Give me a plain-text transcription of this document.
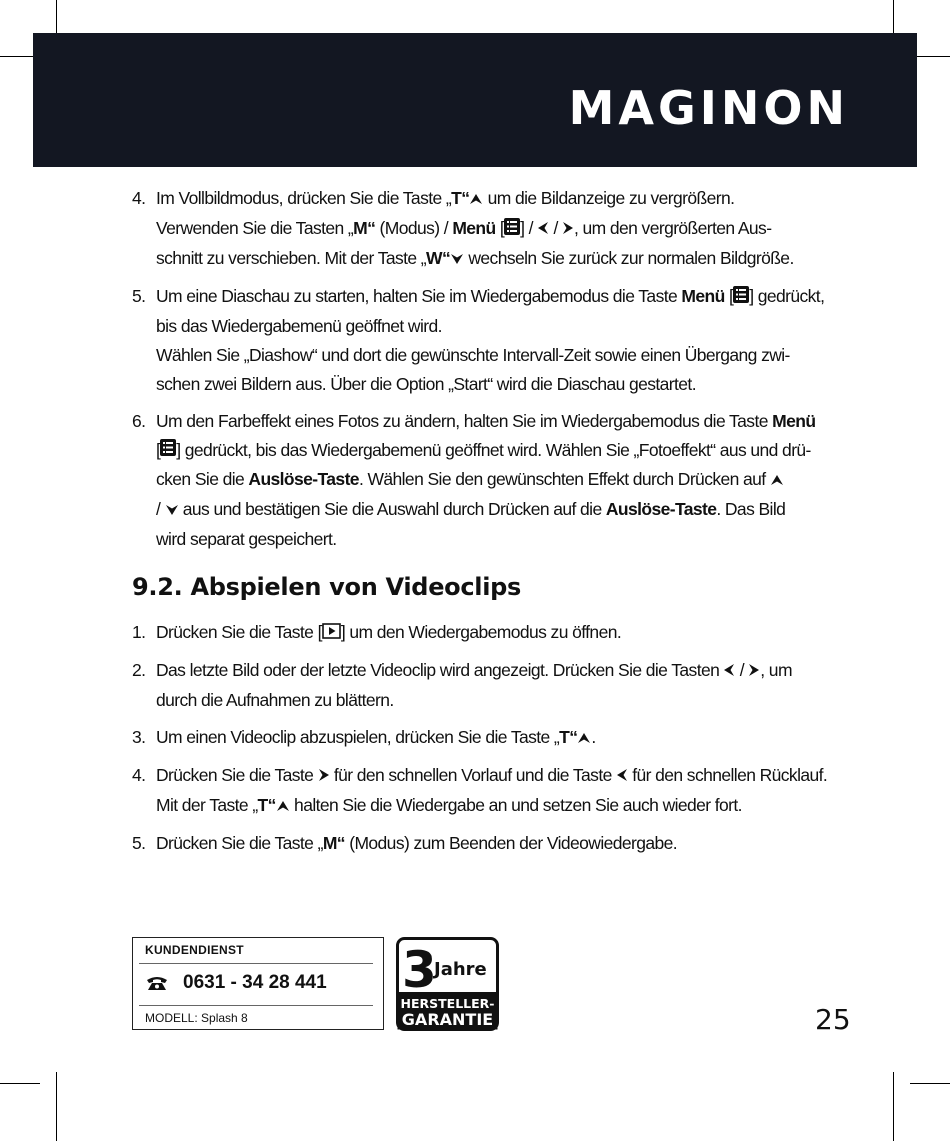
MAGINON
4. Im Vollbildmodus, drücken Sie die Taste „T“ um die Bildanzeige zu vergrößern.
Verwenden Sie die Tasten „M“ (Modus) / Menü [ ] /  / , um den vergrößerten Aus-
schnitt zu verschieben. Mit der Taste „W“ wechseln Sie zurück zur normalen Bildgröße.
5. Um eine Diaschau zu starten, halten Sie im Wiedergabemodus die Taste Menü [ ] gedrückt,
bis das Wiedergabemenü geöffnet wird.
Wählen Sie „Diashow“ und dort die gewünschte Intervall-Zeit sowie einen Übergang zwi-
schen zwei Bildern aus. Über die Option „Start“ wird die Diaschau gestartet.
6. Um den Farbeffekt eines Fotos zu ändern, halten Sie im Wiedergabemodus die Taste Menü
[ ] gedrückt, bis das Wiedergabemenü geöffnet wird. Wählen Sie „Fotoeffekt“ aus und drü-
cken Sie die Auslöse-Taste. Wählen Sie den gewünschten Effekt durch Drücken auf
/  aus und bestätigen Sie die Auswahl durch Drücken auf die Auslöse-Taste. Das Bild
wird separat gespeichert.
9.2. Abspielen von Videoclips
1. Drücken Sie die Taste [ ] um den Wiedergabemodus zu öffnen.
2. Das letzte Bild oder der letzte Videoclip wird angezeigt. Drücken Sie die Tasten  / , um
durch die Aufnahmen zu blättern.
3. Um einen Videoclip abzuspielen, drücken Sie die Taste „T“ .
4. Drücken Sie die Taste  für den schnellen Vorlauf und die Taste  für den schnellen Rücklauf.
Mit der Taste „T“ halten Sie die Wiedergabe an und setzen Sie auch wieder fort.
5. Drücken Sie die Taste „M“ (Modus) zum Beenden der Videowiedergabe.
KUNDENDIENST
0631 - 34 28 441
MODELL: Splash 8
3
Jahre
HERSTELLER-
GARANTIE	25
